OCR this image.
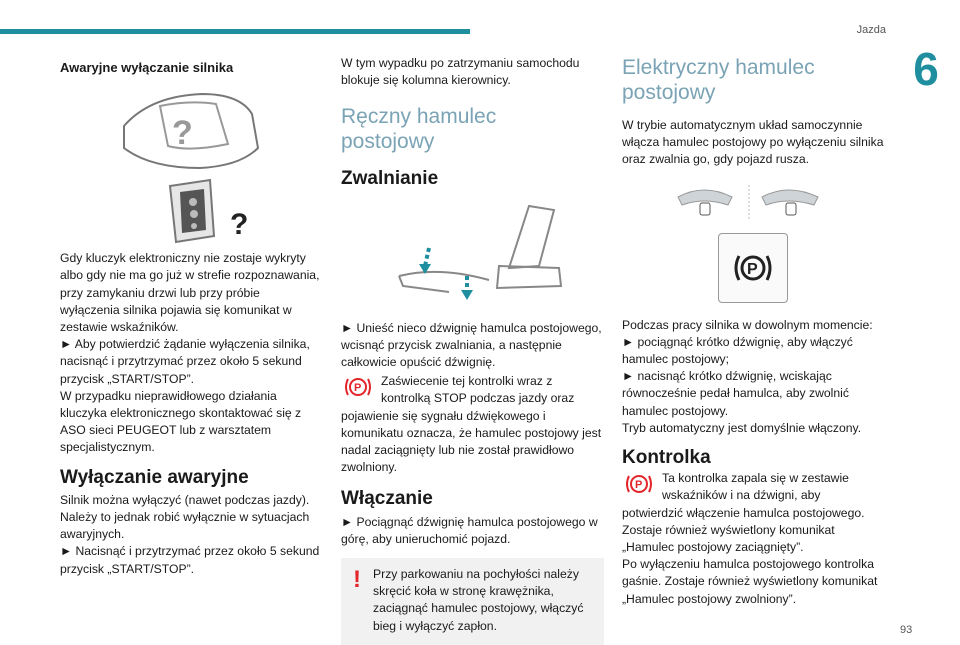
Jazda
6

Awaryjne wyłączanie silnika

?
?

Gdy kluczyk elektroniczny nie zostaje wykryty albo gdy nie ma go już w strefie rozpoznawania, przy zamykaniu drzwi lub przy próbie wyłączenia silnika pojawia się komunikat w zestawie wskaźników.

► Aby potwierdzić żądanie wyłączenia silnika, nacisnąć i przytrzymać przez około 5 sekund przycisk „START/STOP”.

W przypadku nieprawidłowego działania kluczyka elektronicznego skontaktować się z ASO sieci PEUGEOT lub z warsztatem specjalistycznym.

Wyłączanie awaryjne

Silnik można wyłączyć (nawet podczas jazdy). Należy to jednak robić wyłącznie w sytuacjach awaryjnych.

► Nacisnąć i przytrzymać przez około 5 sekund przycisk „START/STOP”.

W tym wypadku po zatrzymaniu samochodu blokuje się kolumna kierownicy.

Ręczny hamulec postojowy

Zwalnianie

► Unieść nieco dźwignię hamulca postojowego, wcisnąć przycisk zwalniania, a następnie całkowicie opuścić dźwignię.

P	Zaświecenie tej kontrolki wraz z kontrolką STOP podczas jazdy oraz pojawienie się sygnału dźwiękowego i komunikatu oznacza, że hamulec postojowy jest nadal zaciągnięty lub nie został prawidłowo zwolniony.

Włączanie

► Pociągnąć dźwignię hamulca postojowego w górę, aby unieruchomić pojazd.

! Przy parkowaniu na pochyłości należy skręcić koła w stronę krawężnika, zaciągnąć hamulec postojowy, włączyć bieg i wyłączyć zapłon.

Elektryczny hamulec postojowy

W trybie automatycznym układ samoczynnie włącza hamulec postojowy po wyłączeniu silnika oraz zwalnia go, gdy pojazd rusza.

P

Podczas pracy silnika w dowolnym momencie:

► pociągnąć krótko dźwignię, aby włączyć hamulec postojowy;

► nacisnąć krótko dźwignię, wciskając równocześnie pedał hamulca, aby zwolnić hamulec postojowy.

Tryb automatyczny jest domyślnie włączony.

Kontrolka

P	Ta kontrolka zapala się w zestawie wskaźników i na dźwigni, aby potwierdzić włączenie hamulca postojowego. Zostaje również wyświetlony komunikat „Hamulec postojowy zaciągnięty”.

Po wyłączeniu hamulca postojowego kontrolka gaśnie. Zostaje również wyświetlony komunikat „Hamulec postojowy zwolniony”.

93
